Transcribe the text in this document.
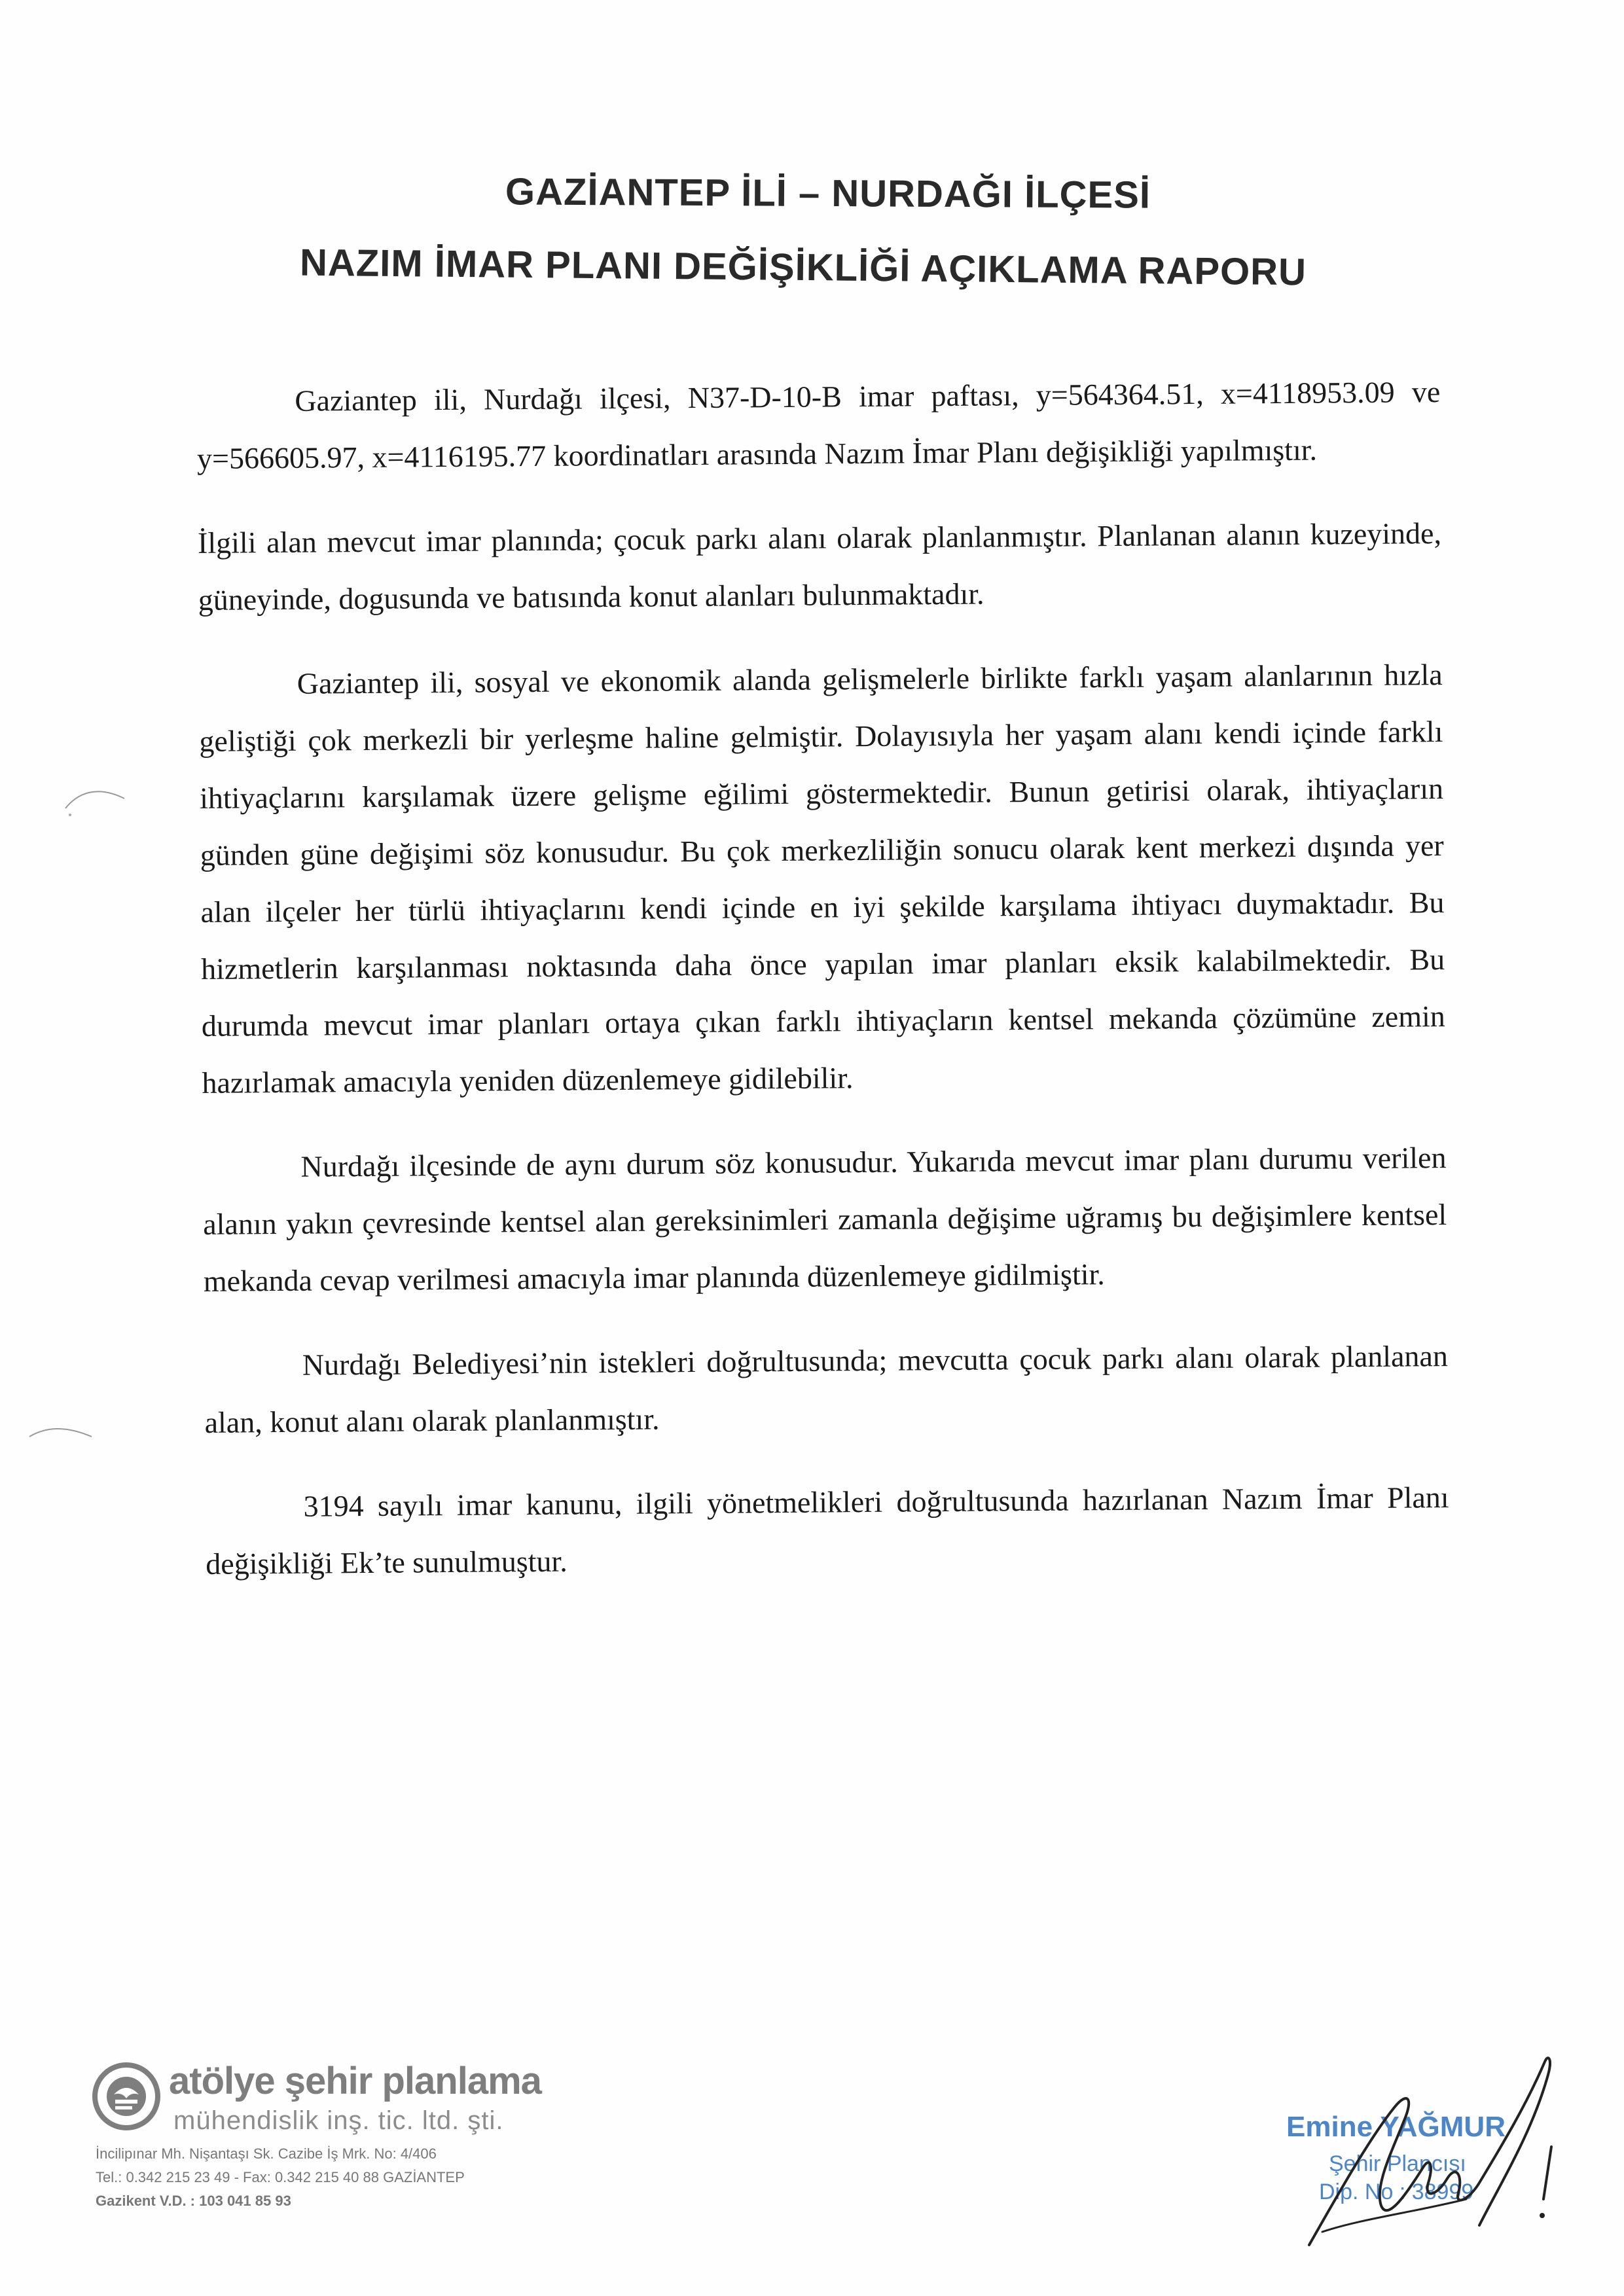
GAZİANTEP İLİ – NURDAĞI İLÇESİ
NAZIM İMAR PLANI DEĞİŞİKLİĞİ AÇIKLAMA RAPORU

Gaziantep ili, Nurdağı ilçesi, N37-D-10-B imar paftası, y=564364.51, x=4118953.09 ve y=566605.97, x=4116195.77 koordinatları arasında Nazım İmar Planı değişikliği yapılmıştır.

İlgili alan mevcut imar planında; çocuk parkı alanı olarak planlanmıştır. Planlanan alanın kuzeyinde, güneyinde, dogusunda ve batısında konut alanları bulunmaktadır.

Gaziantep ili, sosyal ve ekonomik alanda gelişmelerle birlikte farklı yaşam alanlarının hızla geliştiği çok merkezli bir yerleşme haline gelmiştir. Dolayısıyla her yaşam alanı kendi içinde farklı ihtiyaçlarını karşılamak üzere gelişme eğilimi göstermektedir. Bunun getirisi olarak, ihtiyaçların günden güne değişimi söz konusudur. Bu çok merkezliliğin sonucu olarak kent merkezi dışında yer alan ilçeler her türlü ihtiyaçlarını kendi içinde en iyi şekilde karşılama ihtiyacı duymaktadır. Bu hizmetlerin karşılanması noktasında daha önce yapılan imar planları eksik kalabilmektedir. Bu durumda mevcut imar planları ortaya çıkan farklı ihtiyaçların kentsel mekanda çözümüne zemin hazırlamak amacıyla yeniden düzenlemeye gidilebilir.

Nurdağı ilçesinde de aynı durum söz konusudur. Yukarıda mevcut imar planı durumu verilen alanın yakın çevresinde kentsel alan gereksinimleri zamanla değişime uğramış bu değişimlere kentsel mekanda cevap verilmesi amacıyla imar planında düzenlemeye gidilmiştir.

Nurdağı Belediyesi’nin istekleri doğrultusunda; mevcutta çocuk parkı alanı olarak planlanan alan, konut alanı olarak planlanmıştır.

3194 sayılı imar kanunu, ilgili yönetmelikleri doğrultusunda hazırlanan Nazım İmar Planı değişikliği Ek’te sunulmuştur.

atölye şehir planlama
mühendislik inş. tic. ltd. şti.
İncilipınar Mh. Nişantaşı Sk. Cazibe İş Mrk. No: 4/406
Tel.: 0.342 215 23 49 - Fax: 0.342 215 40 88 GAZİANTEP
Gazikent V.D. : 103 041 85 93
Emine YAĞMUR
Şehir Plancısı
Dip. No : 38999
